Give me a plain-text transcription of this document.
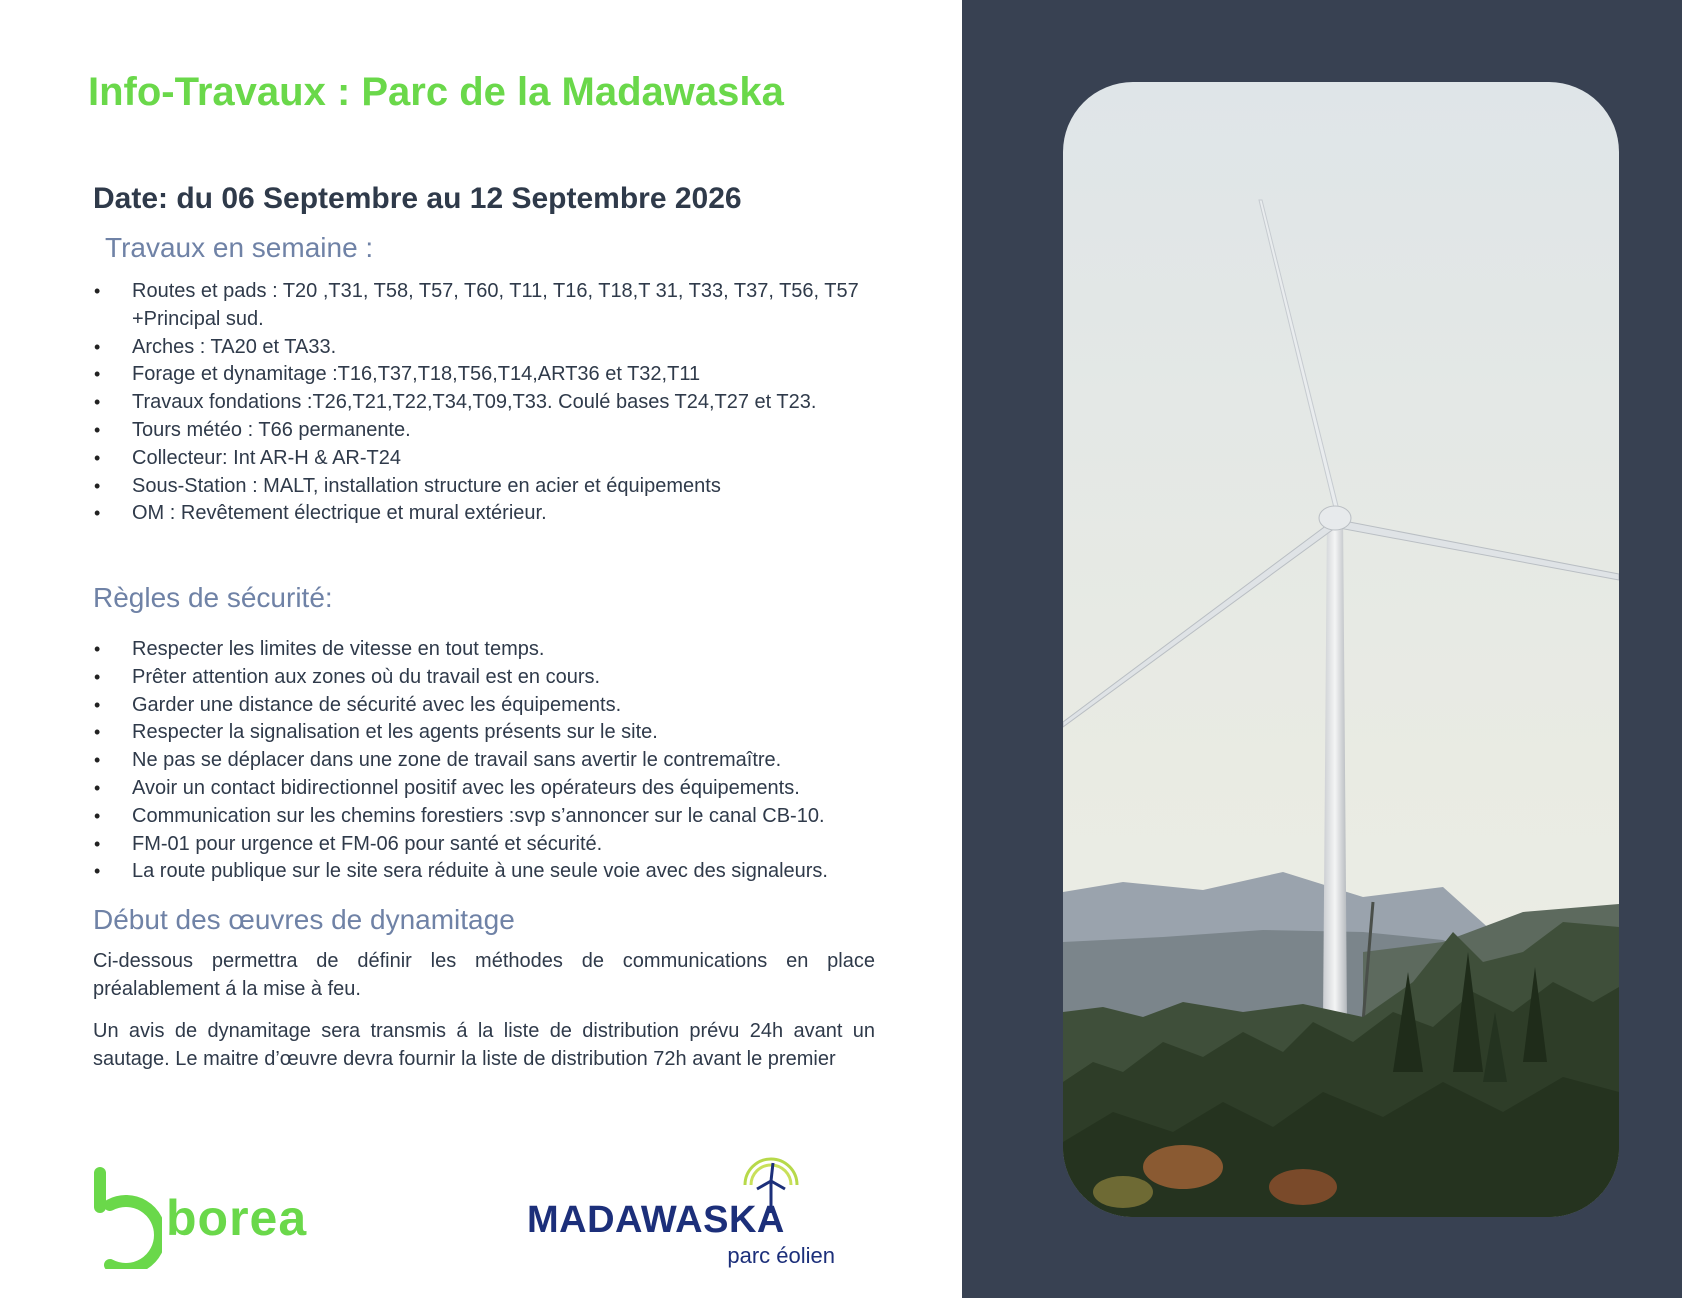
Info-Travaux : Parc de la Madawaska
Date: du 06 Septembre au 12 Septembre 2026
Travaux en semaine :
• Routes et pads : T20 ,T31, T58, T57, T60, T11, T16, T18,T 31, T33, T37, T56, T57 +Principal sud.
• Arches : TA20 et TA33.
• Forage et dynamitage :T16,T37,T18,T56,T14,ART36 et T32,T11
• Travaux fondations :T26,T21,T22,T34,T09,T33. Coulé bases T24,T27 et T23.
• Tours météo : T66 permanente.
• Collecteur: Int AR-H & AR-T24
• Sous-Station : MALT, installation structure en acier et équipements
• OM : Revêtement électrique et mural extérieur.
Règles de sécurité:
• Respecter les limites de vitesse en tout temps.
• Prêter attention aux zones où du travail est en cours.
• Garder une distance de sécurité avec les équipements.
• Respecter la signalisation et les agents présents sur le site.
• Ne pas se déplacer dans une zone de travail sans avertir le contremaître.
• Avoir un contact bidirectionnel positif avec les opérateurs des équipements.
• Communication sur les chemins forestiers :svp s’annoncer sur le canal CB-10.
• FM-01 pour urgence et FM-06 pour santé et sécurité.
• La route publique sur le site sera réduite à une seule voie avec des signaleurs.
Début des œuvres de dynamitage

Ci-dessous permettra de définir les méthodes de communications en place préalablement á la mise à feu.

Un avis de dynamitage sera transmis á la liste de distribution prévu 24h avant un sautage. Le maitre d’œuvre devra fournir la liste de distribution 72h avant le premier

borea	MADAWASKA
parc éolien
